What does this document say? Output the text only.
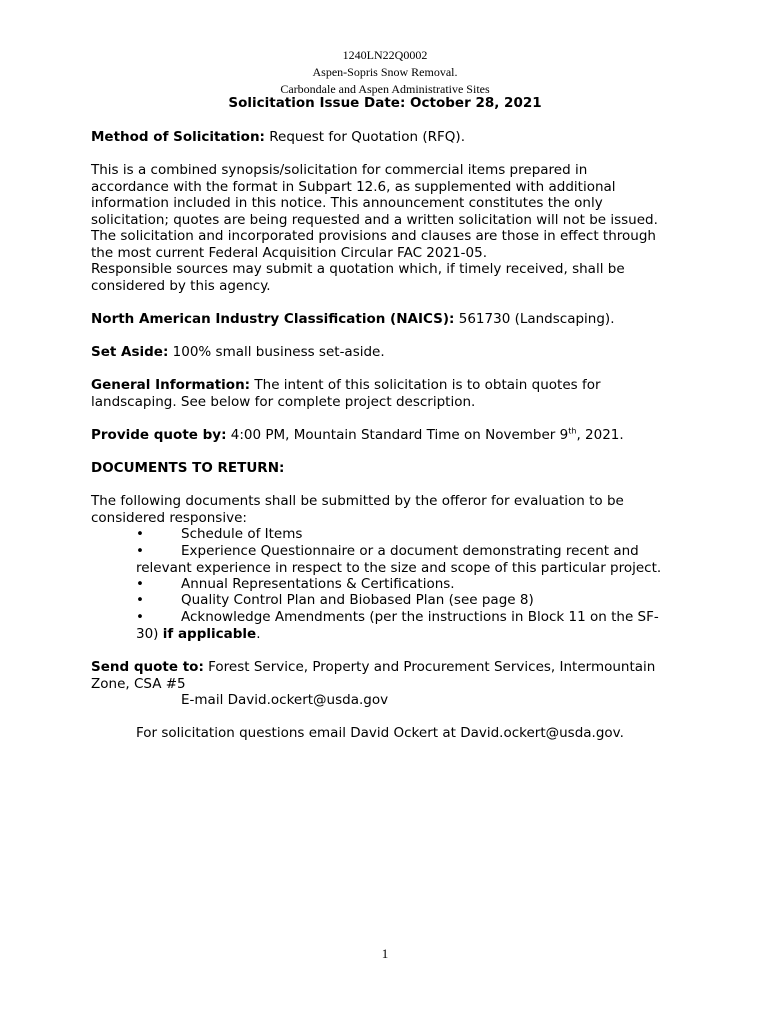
1240LN22Q0002
Aspen-Sopris Snow Removal.
Carbondale and Aspen Administrative Sites
Solicitation Issue Date: October 28, 2021
Method of Solicitation: Request for Quotation (RFQ).
This is a combined synopsis/solicitation for commercial items prepared in
accordance with the format in Subpart 12.6, as supplemented with additional
information included in this notice. This announcement constitutes the only
solicitation; quotes are being requested and a written solicitation will not be issued.
The solicitation and incorporated provisions and clauses are those in effect through
the most current Federal Acquisition Circular FAC 2021-05.
Responsible sources may submit a quotation which, if timely received, shall be
considered by this agency.
North American Industry Classification (NAICS): 561730 (Landscaping).
Set Aside: 100% small business set-aside.
General Information: The intent of this solicitation is to obtain quotes for
landscaping. See below for complete project description.
Provide quote by: 4:00 PM, Mountain Standard Time on November 9th, 2021.
DOCUMENTS TO RETURN:
The following documents shall be submitted by the offeror for evaluation to be
considered responsive:
•	Schedule of Items
•	Experience Questionnaire or a document demonstrating recent and
relevant experience in respect to the size and scope of this particular project.
•	Annual Representations & Certifications.
•	Quality Control Plan and Biobased Plan (see page 8)
•	Acknowledge Amendments (per the instructions in Block 11 on the SF-
30) if applicable.
Send quote to: Forest Service, Property and Procurement Services, Intermountain
Zone, CSA #5
E-mail David.ockert@usda.gov
For solicitation questions email David Ockert at David.ockert@usda.gov.
1
